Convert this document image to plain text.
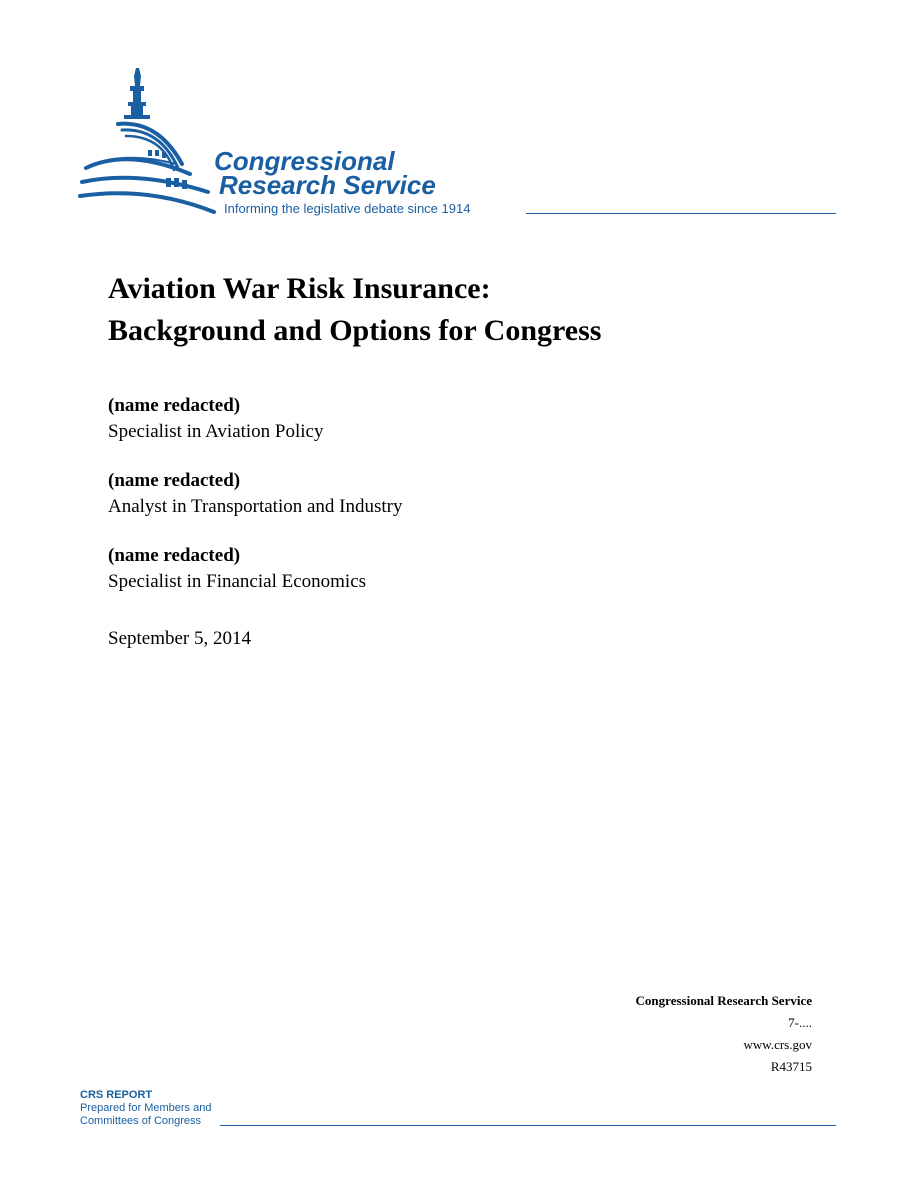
Congressional
Research Service
Informing the legislative debate since 1914
Aviation War Risk Insurance:
Background and Options for Congress
(name redacted)
Specialist in Aviation Policy
(name redacted)
Analyst in Transportation and Industry
(name redacted)
Specialist in Financial Economics
September 5, 2014
Congressional Research Service
7-....
www.crs.gov
R43715
CRS REPORT
Prepared for Members and
Committees of Congress
